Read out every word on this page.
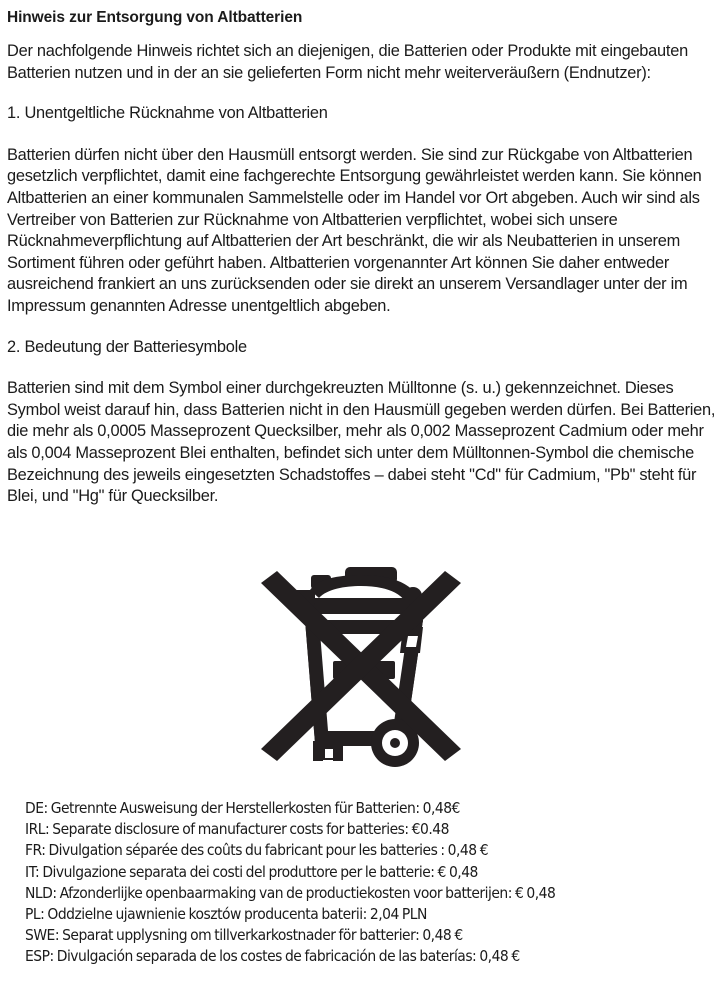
Hinweis zur Entsorgung von Altbatterien

Der nachfolgende Hinweis richtet sich an diejenigen, die Batterien oder Produkte mit eingebauten Batterien nutzen und in der an sie gelieferten Form nicht mehr weiterveräußern (Endnutzer):

1. Unentgeltliche Rücknahme von Altbatterien

Batterien dürfen nicht über den Hausmüll entsorgt werden. Sie sind zur Rückgabe von Altbatterien gesetzlich verpflichtet, damit eine fachgerechte Entsorgung gewährleistet werden kann. Sie können Altbatterien an einer kommunalen Sammelstelle oder im Handel vor Ort abgeben. Auch wir sind als Vertreiber von Batterien zur Rücknahme von Altbatterien verpflichtet, wobei sich unsere Rücknahmeverpflichtung auf Altbatterien der Art beschränkt, die wir als Neubatterien in unserem Sortiment führen oder geführt haben. Altbatterien vorgenannter Art können Sie daher entweder ausreichend frankiert an uns zurücksenden oder sie direkt an unserem Versandlager unter der im Impressum genannten Adresse unentgeltlich abgeben.

2. Bedeutung der Batteriesymbole

Batterien sind mit dem Symbol einer durchgekreuzten Mülltonne (s. u.) gekennzeichnet. Dieses Symbol weist darauf hin, dass Batterien nicht in den Hausmüll gegeben werden dürfen. Bei Batterien, die mehr als 0,0005 Masseprozent Quecksilber, mehr als 0,002 Masseprozent Cadmium oder mehr als 0,004 Masseprozent Blei enthalten, befindet sich unter dem Mülltonnen-Symbol die chemische Bezeichnung des jeweils eingesetzten Schadstoffes – dabei steht "Cd" für Cadmium, "Pb" steht für Blei, und "Hg" für Quecksilber.

DE: Getrennte Ausweisung der Herstellerkosten für Batterien: 0,48€
IRL: Separate disclosure of manufacturer costs for batteries: €0.48
FR: Divulgation séparée des coûts du fabricant pour les batteries : 0,48 €
IT: Divulgazione separata dei costi del produttore per le batterie: € 0,48
NLD: Afzonderlijke openbaarmaking van de productiekosten voor batterijen: € 0,48
PL: Oddzielne ujawnienie kosztów producenta baterii: 2,04 PLN
SWE: Separat upplysning om tillverkarkostnader för batterier: 0,48 €
ESP: Divulgación separada de los costes de fabricación de las baterías: 0,48 €
